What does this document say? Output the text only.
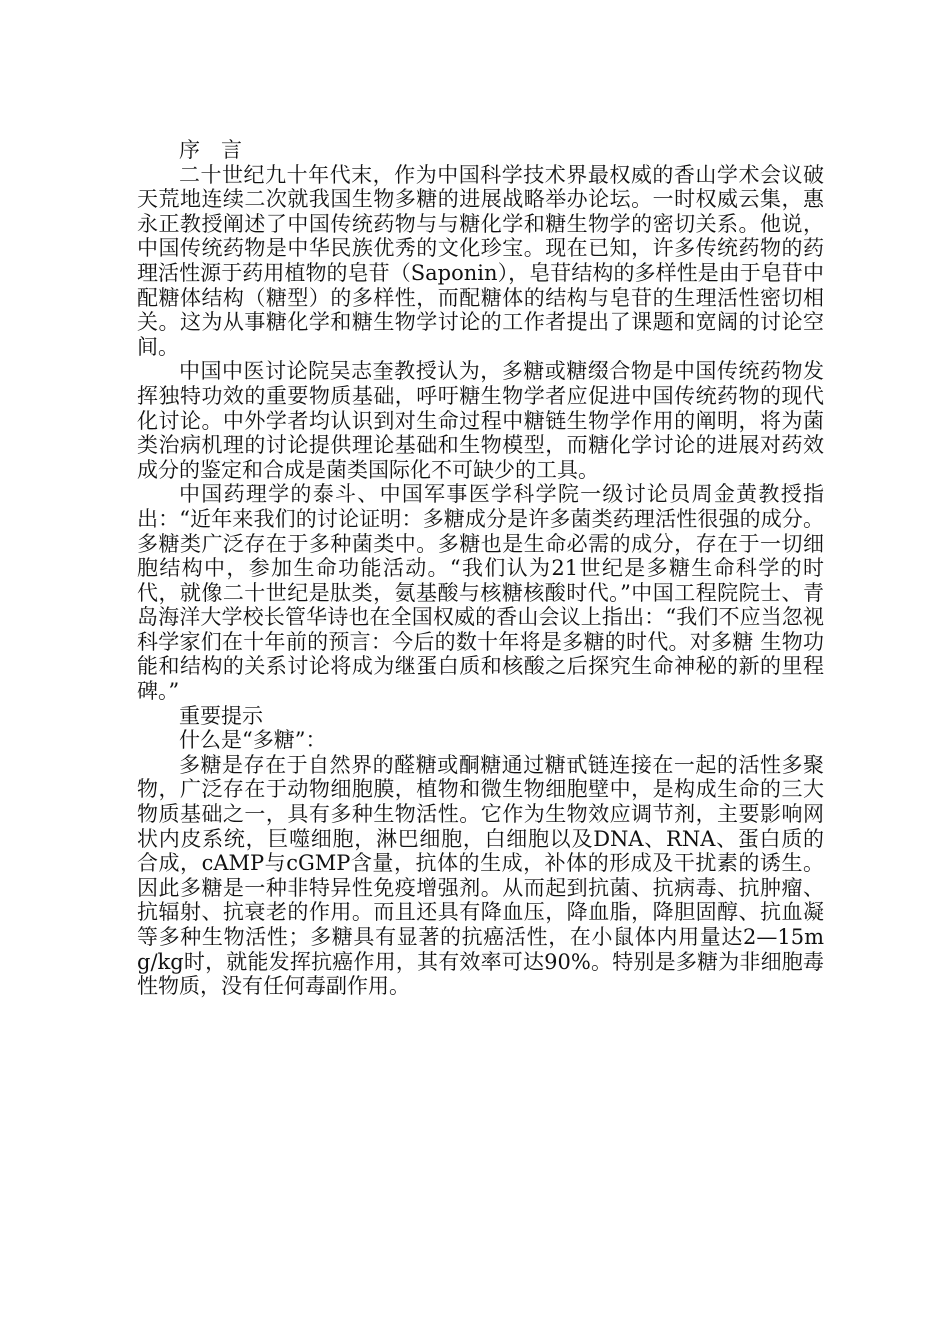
序　言

二十世纪九十年代末，作为中国科学技术界最权威的香山学术会议破天荒地连续二次就我国生物多糖的进展战略举办论坛。一时权威云集，惠永正教授阐述了中国传统药物与与糖化学和糖生物学的密切关系。他说，中国传统药物是中华民族优秀的文化珍宝。现在已知，许多传统药物的药理活性源于药用植物的皂苷（Saponin），皂苷结构的多样性是由于皂苷中配糖体结构（糖型）的多样性，而配糖体的结构与皂苷的生理活性密切相关。这为从事糖化学和糖生物学讨论的工作者提出了课题和宽阔的讨论空间。

中国中医讨论院吴志奎教授认为，多糖或糖缀合物是中国传统药物发挥独特功效的重要物质基础，呼吁糖生物学者应促进中国传统药物的现代化讨论。中外学者均认识到对生命过程中糖链生物学作用的阐明，将为菌类治病机理的讨论提供理论基础和生物模型，而糖化学讨论的进展对药效成分的鉴定和合成是菌类国际化不可缺少的工具。

中国药理学的泰斗、中国军事医学科学院一级讨论员周金黄教授指出：“近年来我们的讨论证明：多糖成分是许多菌类药理活性很强的成分。多糖类广泛存在于多种菌类中。多糖也是生命必需的成分，存在于一切细胞结构中，参加生命功能活动。“我们认为21世纪是多糖生命科学的时代，就像二十世纪是肽类，氨基酸与核糖核酸时代。”中国工程院院士、青岛海洋大学校长管华诗也在全国权威的香山会议上指出：“我们不应当忽视科学家们在十年前的预言：今后的数十年将是多糖的时代。对多糖 生物功能和结构的关系讨论将成为继蛋白质和核酸之后探究生命神秘的新的里程碑。”

重要提示

什么是“多糖”：

多糖是存在于自然界的醛糖或酮糖通过糖甙链连接在一起的活性多聚物，广泛存在于动物细胞膜，植物和微生物细胞壁中，是构成生命的三大物质基础之一，具有多种生物活性。它作为生物效应调节剂，主要影响网状内皮系统，巨噬细胞，淋巴细胞，白细胞以及DNA、RNA、蛋白质的合成，cAMP与cGMP含量，抗体的生成，补体的形成及干扰素的诱生。因此多糖是一种非特异性免疫增强剂。从而起到抗菌、抗病毒、抗肿瘤、抗辐射、抗衰老的作用。而且还具有降血压，降血脂，降胆固醇、抗血凝等多种生物活性；多糖具有显著的抗癌活性，在小鼠体内用量达2—15mg/kg时，就能发挥抗癌作用，其有效率可达90%。特别是多糖为非细胞毒性物质，没有任何毒副作用。
